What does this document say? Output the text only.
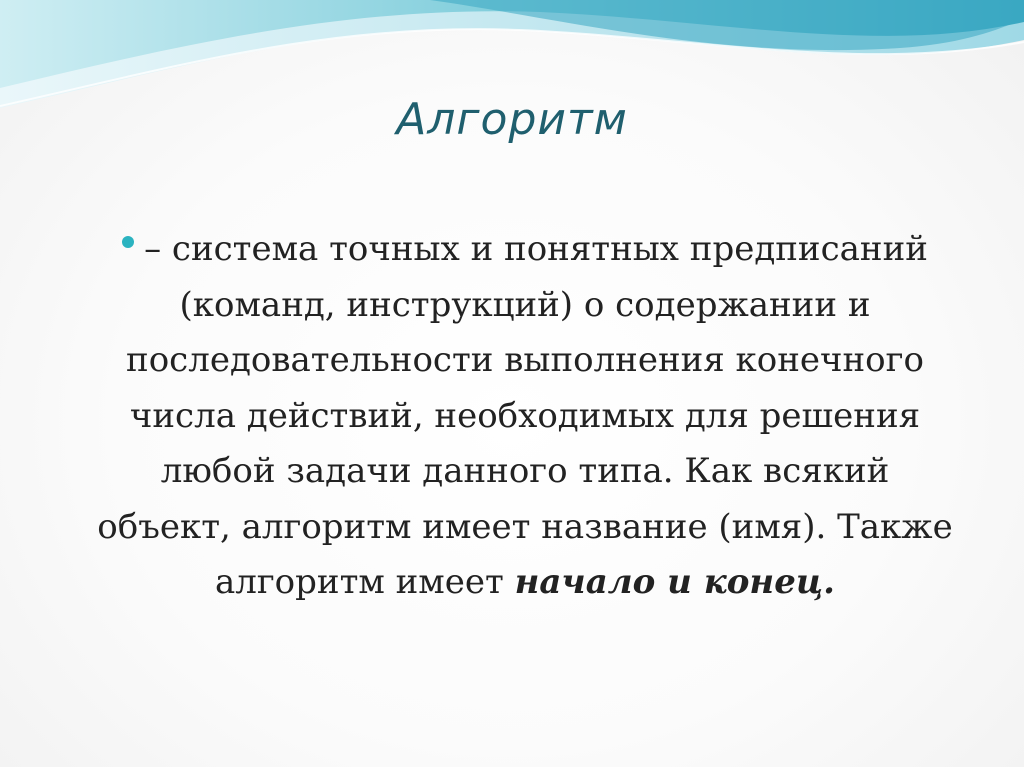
Алгоритм
– система точных и понятных предписаний (команд, инструкций) о содержании и последовательности выполнения конечного числа действий, необходимых для решения любой задачи данного типа. Как всякий объект, алгоритм имеет название (имя). Также алгоритм имеет начало и конец.
